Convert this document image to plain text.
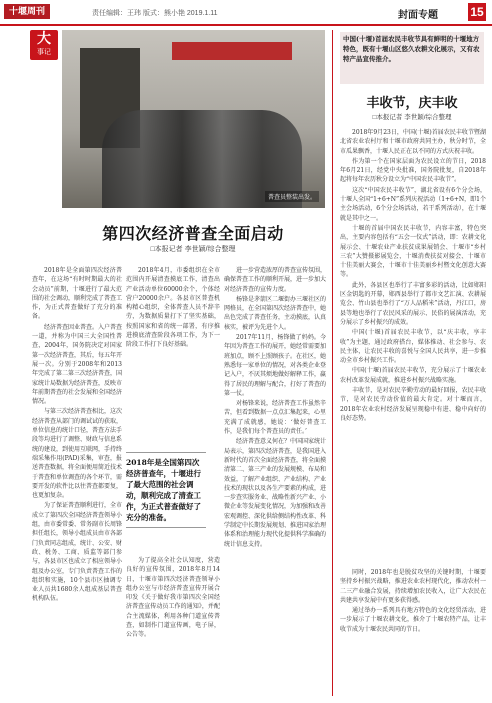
十堰周刊	责任编辑：王玮 版式：熊小艳 2019.1.11	封面专题	15
大
事记
普查员整装出发。
第四次经济普查全面启动
□本报记者 李世颖/综合整理

2018年是全面第四次经济普查年，在这场“有时时期最大的社会动员”前期，十堰进行了最大范围的社会调动，顺利完成了普查工作，为正式普查做好了充分的准备。

经济普查因业普查。入户普查一道，并称为中国三大全国性普查，2004年，国务院决定对国家第一次经济普查，其后，每五年开展一次。分别于2008年和2013年完成了第二第三次经济普查，国家统计局数据为经济普查，反映市年前期普查的社会发展和全国经济情况。

与第三次经济普查相比，这次经济普查从部门的调试试的获取，单位信息的统计口径，普查方法手段等均进行了调整、财政与信息系统的建设，到使用互联网，手持终端采集作用(PAD)采集，审查，报送普查数据，将全面便用简近技术于普查和单位调查的各个环节，需要开发的软件比以往普查都要复，也更加复杂。

为了保证普查顺利进行，全市成立了第四次全国经济普查领导小组，由市委常委、常务副市长周锋担任组长，领导小组成员由市各部门负责同志组成，统计、公安、财政、税务、工商、质监等部门参与，各县市区也成立了相应领导小组及办公室，专门负责普查工作的组织和实施，10个县市区抽调专业人员共1680余人组成基层普查机构队伍。

2018年4月，市委组织在全市范围内开展清查摸底工作，清查出产业活动单位60000余个，个体经营户20000余户。各县市区普查机构精心组织，全体普查人员不辞辛劳，为数据质量打下了坚实基础，按照国家和省的统一部署，有序推进摸底清查阶段各项工作，为下一阶段工作打下良好基础。

2018年是全国第四次经济普查年，十堰进行了最大范围的社会调动，顺利完成了清查工作，为正式普查做好了充分的准备。

为了提高全社会认知度，营造良好的宣传氛围，2018年8月14日，十堰市第四次经济普查领导小组办公室与市经济普查宣传开展合印发《关于做好我市第四次全国经济普查宣传动员工作的通知》，并配合主流媒体，利用各种门道宣传普查，如制作门道宣传画，电子屏，公告等。

进一步营造浓厚的普查宣传氛围，确保普查工作的顺利开展，进一步加大对经济普查的宣传力度。

杨锋是茅箭区二堰街办三堰社区的网格员，在全国第四次经济普查中，她出色完成了普查任务，主动摸底，认真核实，被评为先进个人。

2017年11月，杨锋做了妈妈。今年因为普查工作的展开，她经常需要加班加点，顾不上照顾孩子。在社区，她熟悉每一家单位的情况，对各类企业登记入户，不厌其烦地做好解释工作，赢得了居民的理解与配合，打好了普查的第一仗。

对杨锋来说，经济普查工作虽然辛苦，但看到数据一点点汇集起来，心里充满了成就感，她说：‘做好普查工作，是我们每个普查员的责任。’

经济普查意义何在？中国国家统计局表示，第四次经济普查，是我国进入新时代的首次全面经济普查，将全面摸清第二、第三产业的发展规模、布局和效益，了解产业组织、产业结构、产业技术的现状以及各生产要素的构成，进一步查实服务业、战略性新兴产业、小微企业等发展变化情况，为加强和改善宏观调控、深化供给侧结构性改革、科学制定中长期发展规划、推进国家治理体系和治理能力现代化提供科学准确的统计信息支持。

中国(十堰)首届农民丰收节具有鲜明的十堰地方特色，既有十堰山区悠久农耕文化展示，又有农特产品宣传推介。
丰收节，庆丰收
□本报记者 李世颖/综合整理

2018年9月23日，中国(十堰)首届农民丰收节暨湖北省农业农村厅和十堰市政府共同主办，秋分时节，全市瓜果飘香，十堰人民正在以不同的方式庆祝丰收。

作为第一个在国家层面为农民设立的节日，2018年6月21日，经党中央批准，国务院批复，自2018年起将每年农历秋分设立为“中国农民丰收节”。

这次“中国农民丰收节”，湖北省设有6个分会场，十堰人全国“1+6+N”系列庆祝活动（1+6+N，即1个主会场活动，6个分会场活动，若干系列活动），在十堰就是其中之一。

十堰的首届中国农民丰收节，内容丰富，特色突出，主要内容包括有“五会一仪式”活动，即：农耕文化展示会、十堰农业产业扶贫成果展销会、十堰市“乡村三农”大赞摄影展览会，十堰消费扶贫对接会、十堰市十佳美丽大赛会，十堰市十佳美丽乡村暨文化创意大赛等。

此外，各县区也举行了丰富多彩的活动，比如郧阳区金钥匙的开幕，郧西县举行了都市文艺汇演、农耕展览会、竹山县也举行了“万人品稻米”活动，丹江口，房县等地也举行了农民风采的展示、民俗的展演活动，充分展示了乡村振兴的成效。

中国(十堰)首届农民丰收节，以“庆丰收，享丰收”为主题，通过政府搭台，媒体推动、社会参与、农民主体，让农民丰收的喜悦与全国人民共享，进一步推动全市乡村振兴工作。

中国(十堰)首届农民丰收节，充分展示了十堰农业农村改革发展成就，推进乡村振兴战略实施。

丰收节，是对农民辛勤劳动的最好回报，农民丰收节，是对农民劳动价值的最大肯定。对十堰而言，2018年农业农村经济发展呈现稳中有进、稳中向好的良好态势。

同时，2018年也是脱贫攻坚的关键时期，十堰要坚持乡村振兴战略，推进农业农村现代化，推动农村一二三产业融合发展，持续增加农民收入，让广大农民在共建共享发展中有更多获得感。

通过举办一系列具有地方特色的文化经贸活动，进一步展示了十堰农耕文化，推介了十堰农特产品，让丰收节成为十堰农民共同的节日。
